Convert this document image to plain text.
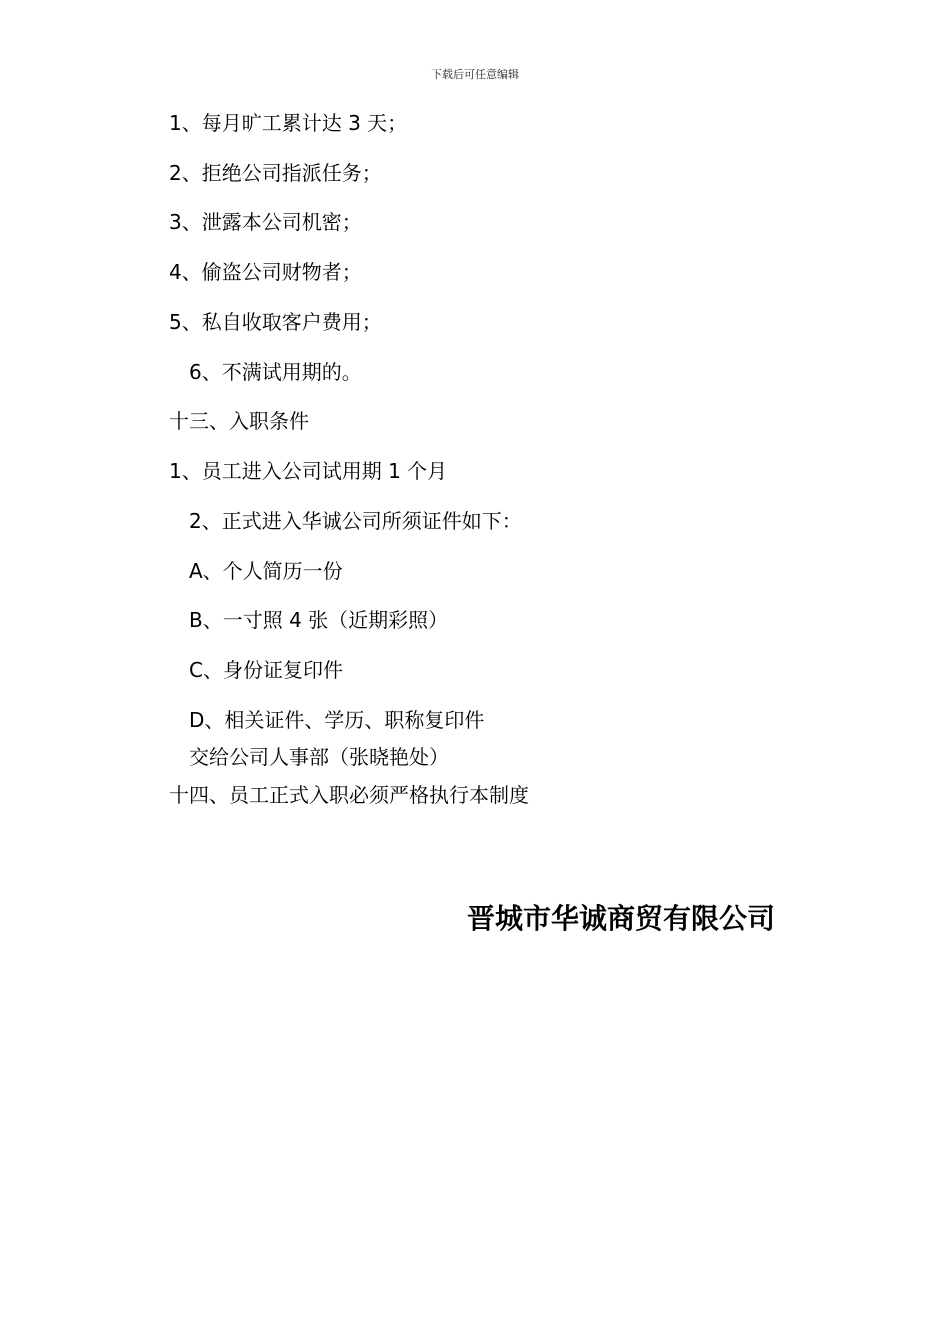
下载后可任意编辑
1、每月旷工累计达 3 天；
2、拒绝公司指派任务；
3、泄露本公司机密；
4、偷盗公司财物者；
5、私自收取客户费用；
6、不满试用期的。
十三、入职条件
1、员工进入公司试用期 1 个月
2、正式进入华诚公司所须证件如下：
A、个人简历一份
B、一寸照 4 张（近期彩照）
C、身份证复印件
D、相关证件、学历、职称复印件
交给公司人事部（张晓艳处）
十四、员工正式入职必须严格执行本制度
晋城市华诚商贸有限公司
